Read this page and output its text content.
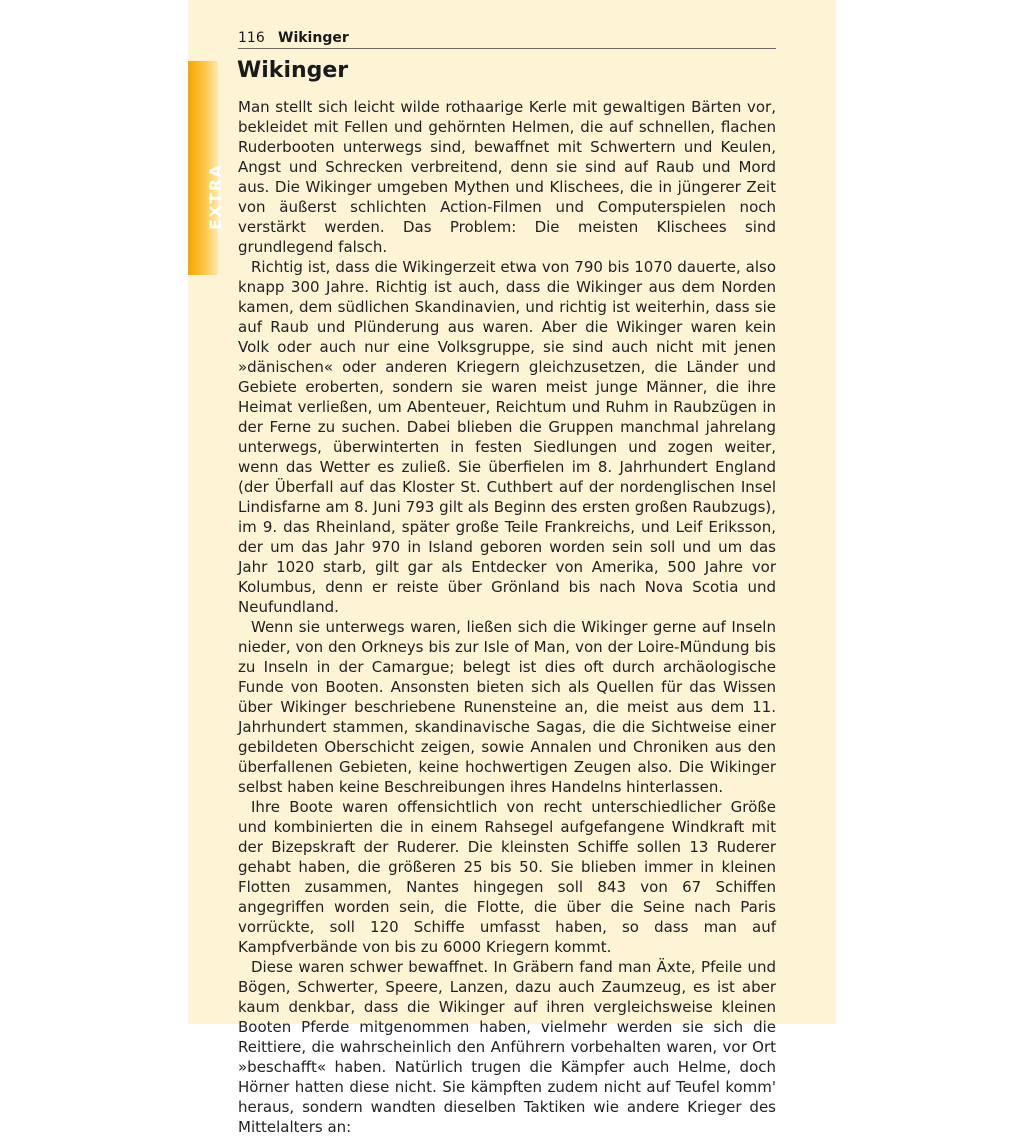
EXTRA
116 Wikinger
Wikinger

Man stellt sich leicht wilde rothaarige Kerle mit gewaltigen Bärten vor, bekleidet mit Fellen und gehörnten Helmen, die auf schnellen, flachen Ruderbooten unterwegs sind, bewaffnet mit Schwertern und Keulen, Angst und Schrecken verbreitend, denn sie sind auf Raub und Mord aus. Die Wikinger umgeben Mythen und Klischees, die in jüngerer Zeit von äußerst schlichten Action-Filmen und Computerspielen noch verstärkt werden. Das Problem: Die meisten Klischees sind grundlegend falsch.

Richtig ist, dass die Wikingerzeit etwa von 790 bis 1070 dauerte, also knapp 300 Jahre. Richtig ist auch, dass die Wikinger aus dem Norden kamen, dem südlichen Skandinavien, und richtig ist weiterhin, dass sie auf Raub und Plünderung aus waren. Aber die Wikinger waren kein Volk oder auch nur eine Volksgruppe, sie sind auch nicht mit jenen »dänischen« oder anderen Kriegern gleichzusetzen, die Länder und Gebiete eroberten, sondern sie waren meist junge Männer, die ihre Heimat verließen, um Abenteuer, Reichtum und Ruhm in Raubzügen in der Ferne zu suchen. Dabei blieben die Gruppen manchmal jahrelang unterwegs, überwinterten in festen Siedlungen und zogen weiter, wenn das Wetter es zuließ. Sie überfielen im 8. Jahrhundert England (der Überfall auf das Kloster St. Cuthbert auf der nordenglischen Insel Lindisfarne am 8. Juni 793 gilt als Beginn des ersten großen Raubzugs), im 9. das Rheinland, später große Teile Frankreichs, und Leif Eriksson, der um das Jahr 970 in Island geboren worden sein soll und um das Jahr 1020 starb, gilt gar als Entdecker von Amerika, 500 Jahre vor Kolumbus, denn er reiste über Grönland bis nach Nova Scotia und Neufundland.

Wenn sie unterwegs waren, ließen sich die Wikinger gerne auf Inseln nieder, von den Orkneys bis zur Isle of Man, von der Loire-Mündung bis zu Inseln in der Camargue; belegt ist dies oft durch archäologische Funde von Booten. Ansonsten bieten sich als Quellen für das Wissen über Wikinger beschriebene Runensteine an, die meist aus dem 11. Jahrhundert stammen, skandinavische Sagas, die die Sichtweise einer gebildeten Oberschicht zeigen, sowie Annalen und Chroniken aus den überfallenen Gebieten, keine hochwertigen Zeugen also. Die Wikinger selbst haben keine Beschreibungen ihres Handelns hinterlassen.

Ihre Boote waren offensichtlich von recht unterschiedlicher Größe und kombinierten die in einem Rahsegel aufgefangene Windkraft mit der Bizepskraft der Ruderer. Die kleinsten Schiffe sollen 13 Ruderer gehabt haben, die größeren 25 bis 50. Sie blieben immer in kleinen Flotten zusammen, Nantes hingegen soll 843 von 67 Schiffen angegriffen worden sein, die Flotte, die über die Seine nach Paris vorrückte, soll 120 Schiffe umfasst haben, so dass man auf Kampfverbände von bis zu 6000 Kriegern kommt.

Diese waren schwer bewaffnet. In Gräbern fand man Äxte, Pfeile und Bögen, Schwerter, Speere, Lanzen, dazu auch Zaumzeug, es ist aber kaum denkbar, dass die Wikinger auf ihren vergleichsweise kleinen Booten Pferde mitgenommen haben, vielmehr werden sie sich die Reittiere, die wahrscheinlich den Anführern vorbehalten waren, vor Ort »beschafft« haben. Natürlich trugen die Kämpfer auch Helme, doch Hörner hatten diese nicht. Sie kämpften zudem nicht auf Teufel komm' heraus, sondern wandten dieselben Taktiken wie andere Krieger des Mittelalters an:
